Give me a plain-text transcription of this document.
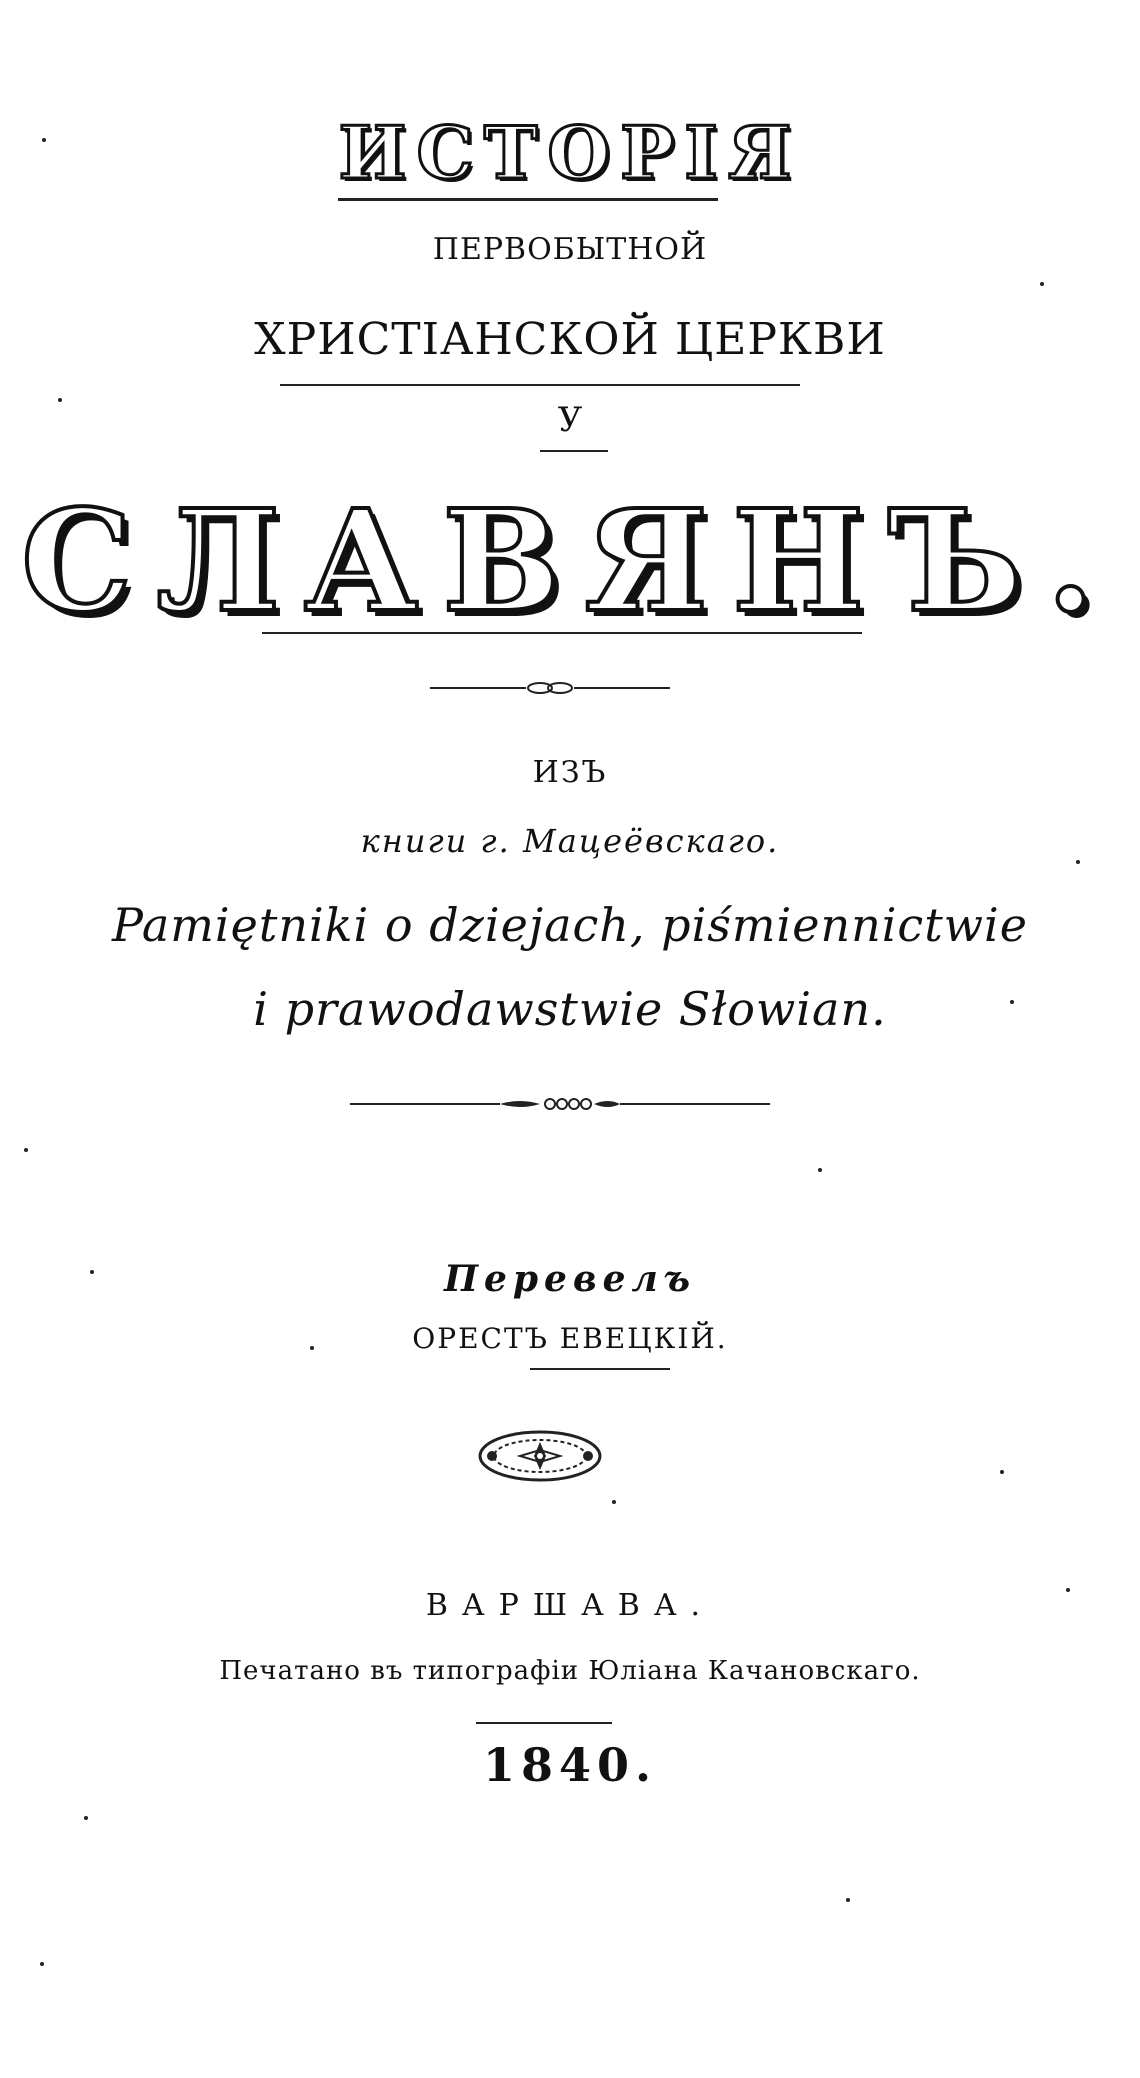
ИСТОРІЯ
ПЕРВОБЫТНОЙ
ХРИСТІАНСКОЙ ЦЕРКВИ
У
СЛАВЯНЪ.
ИЗЪ
книги г. Мацеёвскаго.
Pamiętniki o dziejach, piśmiennictwie
i prawodawstwie Słowian.
Перевелъ
ОРЕСТЪ ЕВЕЦКІЙ.
ВАРШАВА.
Печатано въ типографіи Юліана Качановскаго.
1840.
